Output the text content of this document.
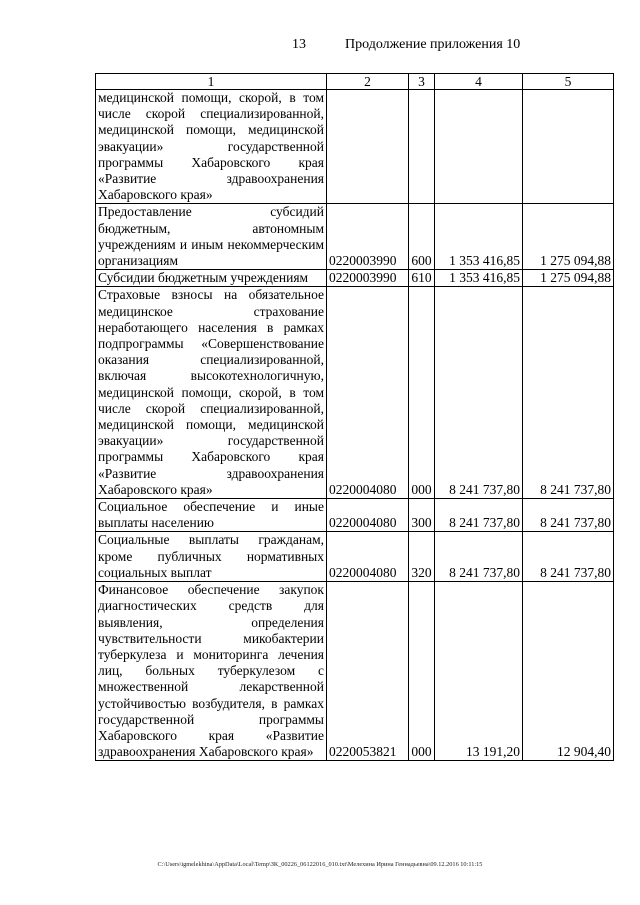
13	Продолжение приложения 10
1	2	3	4	5
медицинской помощи, скорой, в том числе скорой специализированной, медицинской помощи, медицинской эвакуации» государственной программы Хабаровского края «Развитие здравоохранения Хабаровского края»				
Предоставление субсидий бюджетным, автономным учреждениям и иным некоммерческим организациям	0220003990	600	1 353 416,85	1 275 094,88
Субсидии бюджетным учреждениям	0220003990	610	1 353 416,85	1 275 094,88
Страховые взносы на обязательное медицинское страхование неработающего населения в рамках подпрограммы «Совершенствование оказания специализированной, включая высокотехнологичную, медицинской помощи, скорой, в том числе скорой специализированной, медицинской помощи, медицинской эвакуации» государственной программы Хабаровского края «Развитие здравоохранения Хабаровского края»	0220004080	000	8 241 737,80	8 241 737,80
Социальное обеспечение и иные выплаты населению	0220004080	300	8 241 737,80	8 241 737,80
Социальные выплаты гражданам, кроме публичных нормативных социальных выплат	0220004080	320	8 241 737,80	8 241 737,80
Финансовое обеспечение закупок диагностических средств для выявления, определения чувствительности микобактерии туберкулеза и мониторинга лечения лиц, больных туберкулезом с множественной лекарственной устойчивостью возбудителя, в рамках государственной программы Хабаровского края «Развитие здравоохранения Хабаровского края»	0220053821	000	13 191,20	12 904,40
C:\Users\igmelekhina\AppData\Local\Temp\ЗК_00226_06122016_010.txt\Мелехина Ирина Геннадьевна\09.12.2016 10:11:15
